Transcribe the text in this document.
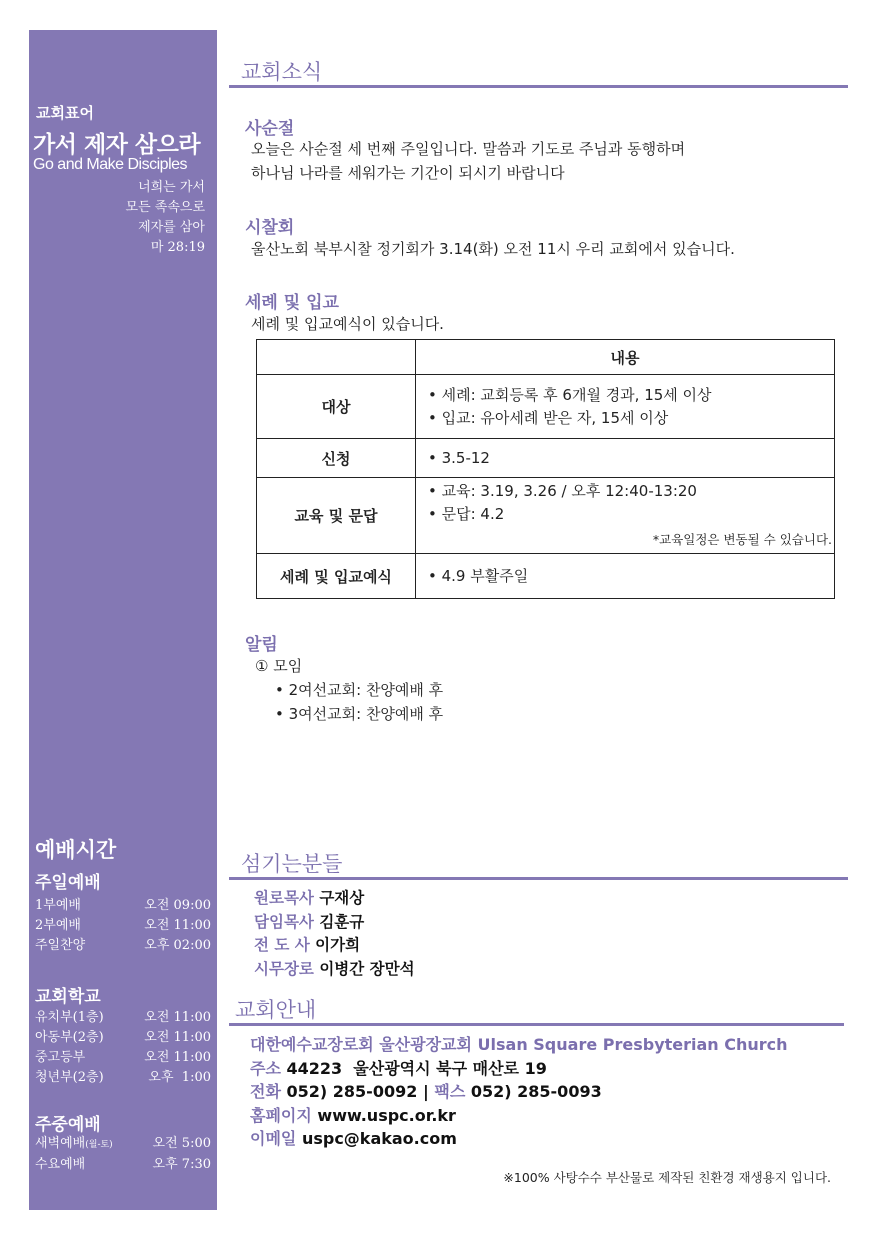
교회표어
가서 제자 삼으라
Go and Make Disciples
너희는 가서
모든 족속으로
제자를 삼아
마 28:19
예배시간
주일예배
1부예배	오전 09:00
2부예배	오전 11:00
주일찬양	오후 02:00
교회학교
유치부(1층)	오전 11:00
아동부(2층)	오전 11:00
중고등부	오전 11:00
청년부(2층)	오후  1:00
주중예배
새벽예배(월-토)	오전 5:00
수요예배	오후 7:30
교회소식
사순절
오늘은 사순절 세 번째 주일입니다. 말씀과 기도로 주님과 동행하며
하나님 나라를 세워가는 기간이 되시기 바랍니다
시찰회
울산노회 북부시찰 정기회가 3.14(화) 오전 11시 우리 교회에서 있습니다.
세례 및 입교
세례 및 입교예식이 있습니다.
	내용
대상	• 세례: 교회등록 후 6개월 경과, 15세 이상
• 입교: 유아세례 받은 자, 15세 이상

신청	• 3.5-12

교육 및 문답	• 교육: 3.19, 3.26 / 오후 12:40-13:20
• 문답: 4.2
*교육일정은 변동될 수 있습니다.

세례 및 입교예식	• 4.9 부활주일
알림
① 모임
• 2여선교회: 찬양예배 후
• 3여선교회: 찬양예배 후
섬기는분들
원로목사 구재상
담임목사 김훈규
전 도 사 이가희
시무장로 이병간 장만석
교회안내
대한예수교장로회 울산광장교회 Ulsan Square Presbyterian Church
주소 44223  울산광역시 북구 매산로 19
전화 052) 285-0092 | 팩스 052) 285-0093
홈페이지 www.uspc.or.kr
이메일 uspc@kakao.com
※100% 사탕수수 부산물로 제작된 친환경 재생용지 입니다.
